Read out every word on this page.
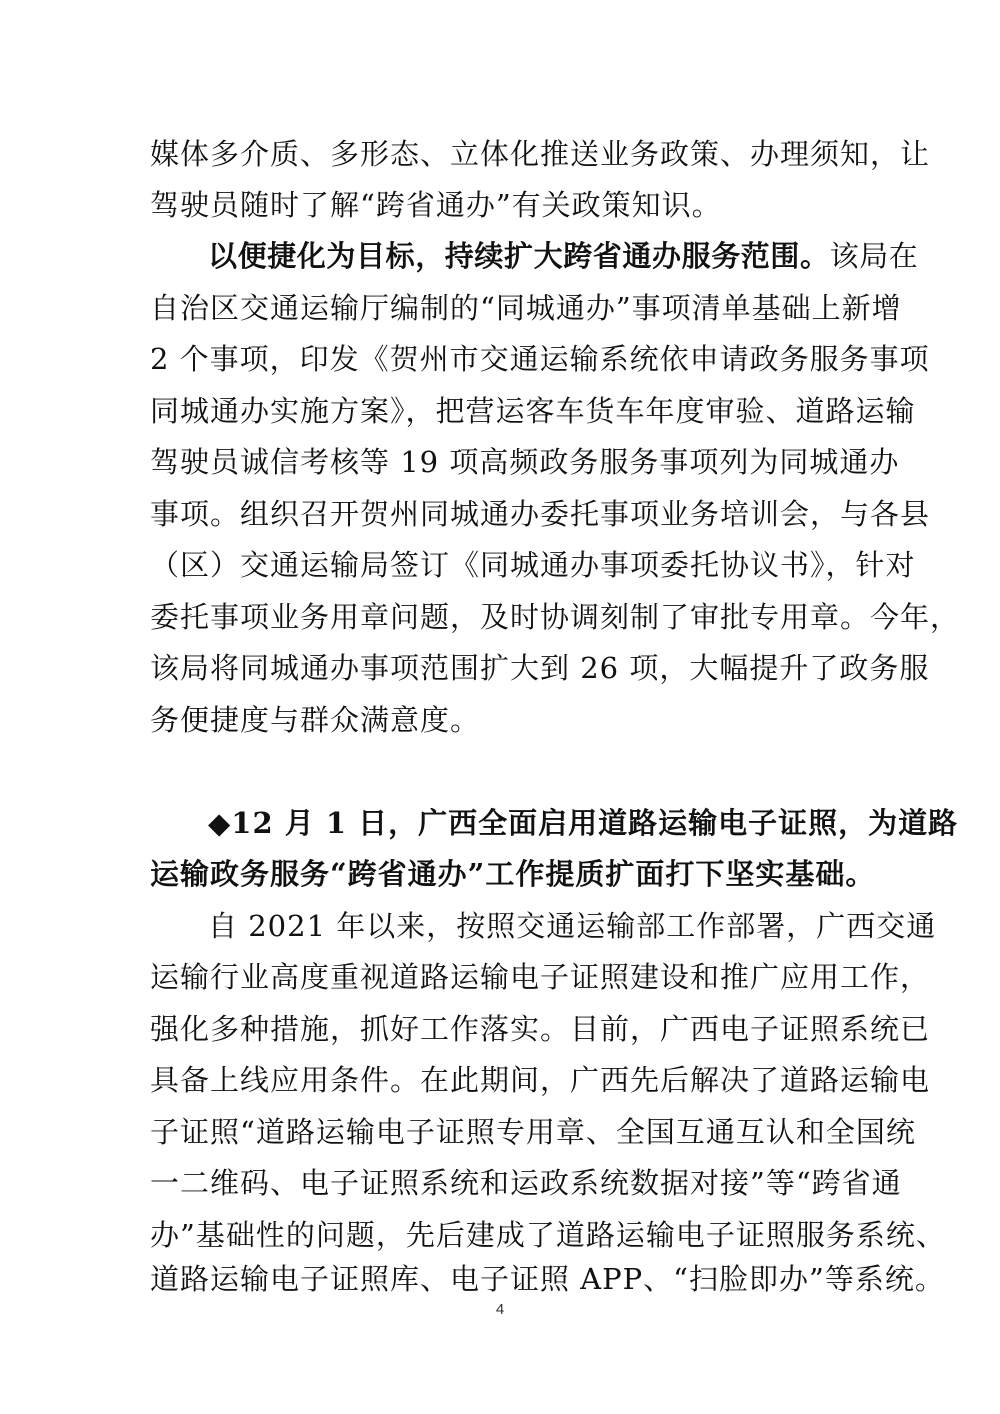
媒体多介质、多形态、立体化推送业务政策、办理须知，让
驾驶员随时了解“跨省通办”有关政策知识。
以便捷化为目标，持续扩大跨省通办服务范围。该局在
自治区交通运输厅编制的“同城通办”事项清单基础上新增
2 个事项，印发《贺州市交通运输系统依申请政务服务事项
同城通办实施方案》，把营运客车货车年度审验、道路运输
驾驶员诚信考核等 19 项高频政务服务事项列为同城通办
事项。组织召开贺州同城通办委托事项业务培训会，与各县
（区）交通运输局签订《同城通办事项委托协议书》，针对
委托事项业务用章问题，及时协调刻制了审批专用章。今年，
该局将同城通办事项范围扩大到 26 项，大幅提升了政务服
务便捷度与群众满意度。
◆12 月 1 日，广西全面启用道路运输电子证照，为道路
运输政务服务“跨省通办”工作提质扩面打下坚实基础。
自 2021 年以来，按照交通运输部工作部署，广西交通
运输行业高度重视道路运输电子证照建设和推广应用工作，
强化多种措施，抓好工作落实。目前，广西电子证照系统已
具备上线应用条件。在此期间，广西先后解决了道路运输电
子证照“道路运输电子证照专用章、全国互通互认和全国统
一二维码、电子证照系统和运政系统数据对接”等“跨省通
办”基础性的问题，先后建成了道路运输电子证照服务系统、
道路运输电子证照库、电子证照 APP、“扫脸即办”等系统。
4
